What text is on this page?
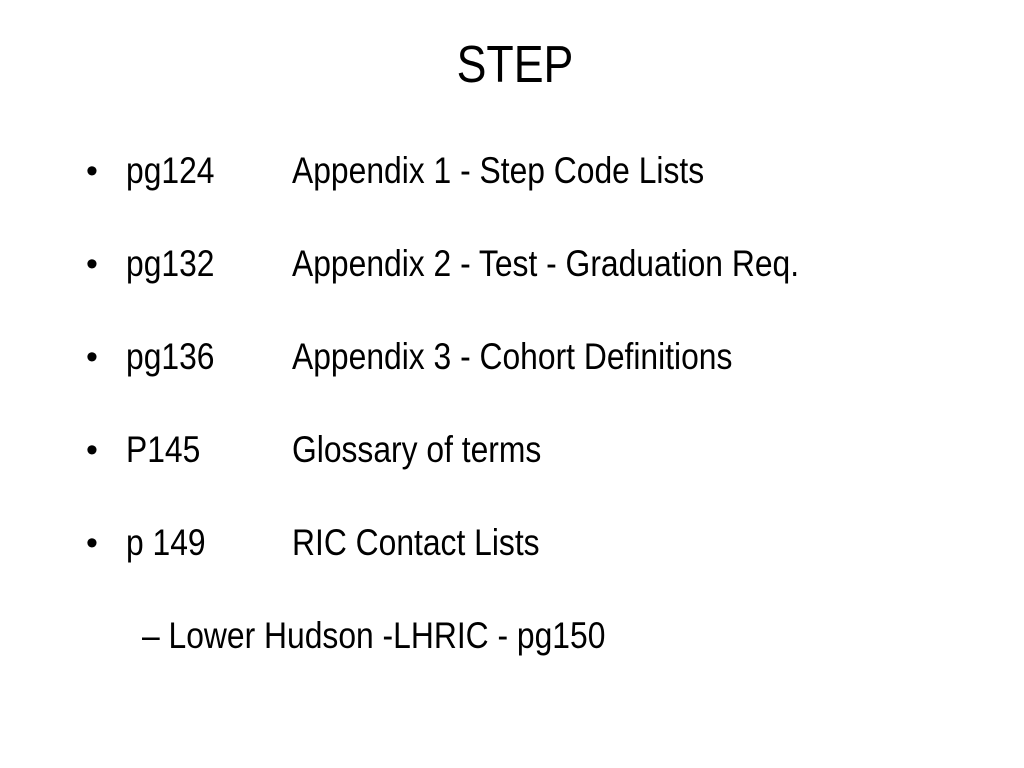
STEP
• pg124 Appendix 1 - Step Code Lists
• pg132 Appendix 2 - Test - Graduation Req.
• pg136 Appendix 3 - Cohort Definitions
• P145 Glossary of terms
• p 149 RIC Contact Lists
– Lower Hudson -LHRIC - pg150
